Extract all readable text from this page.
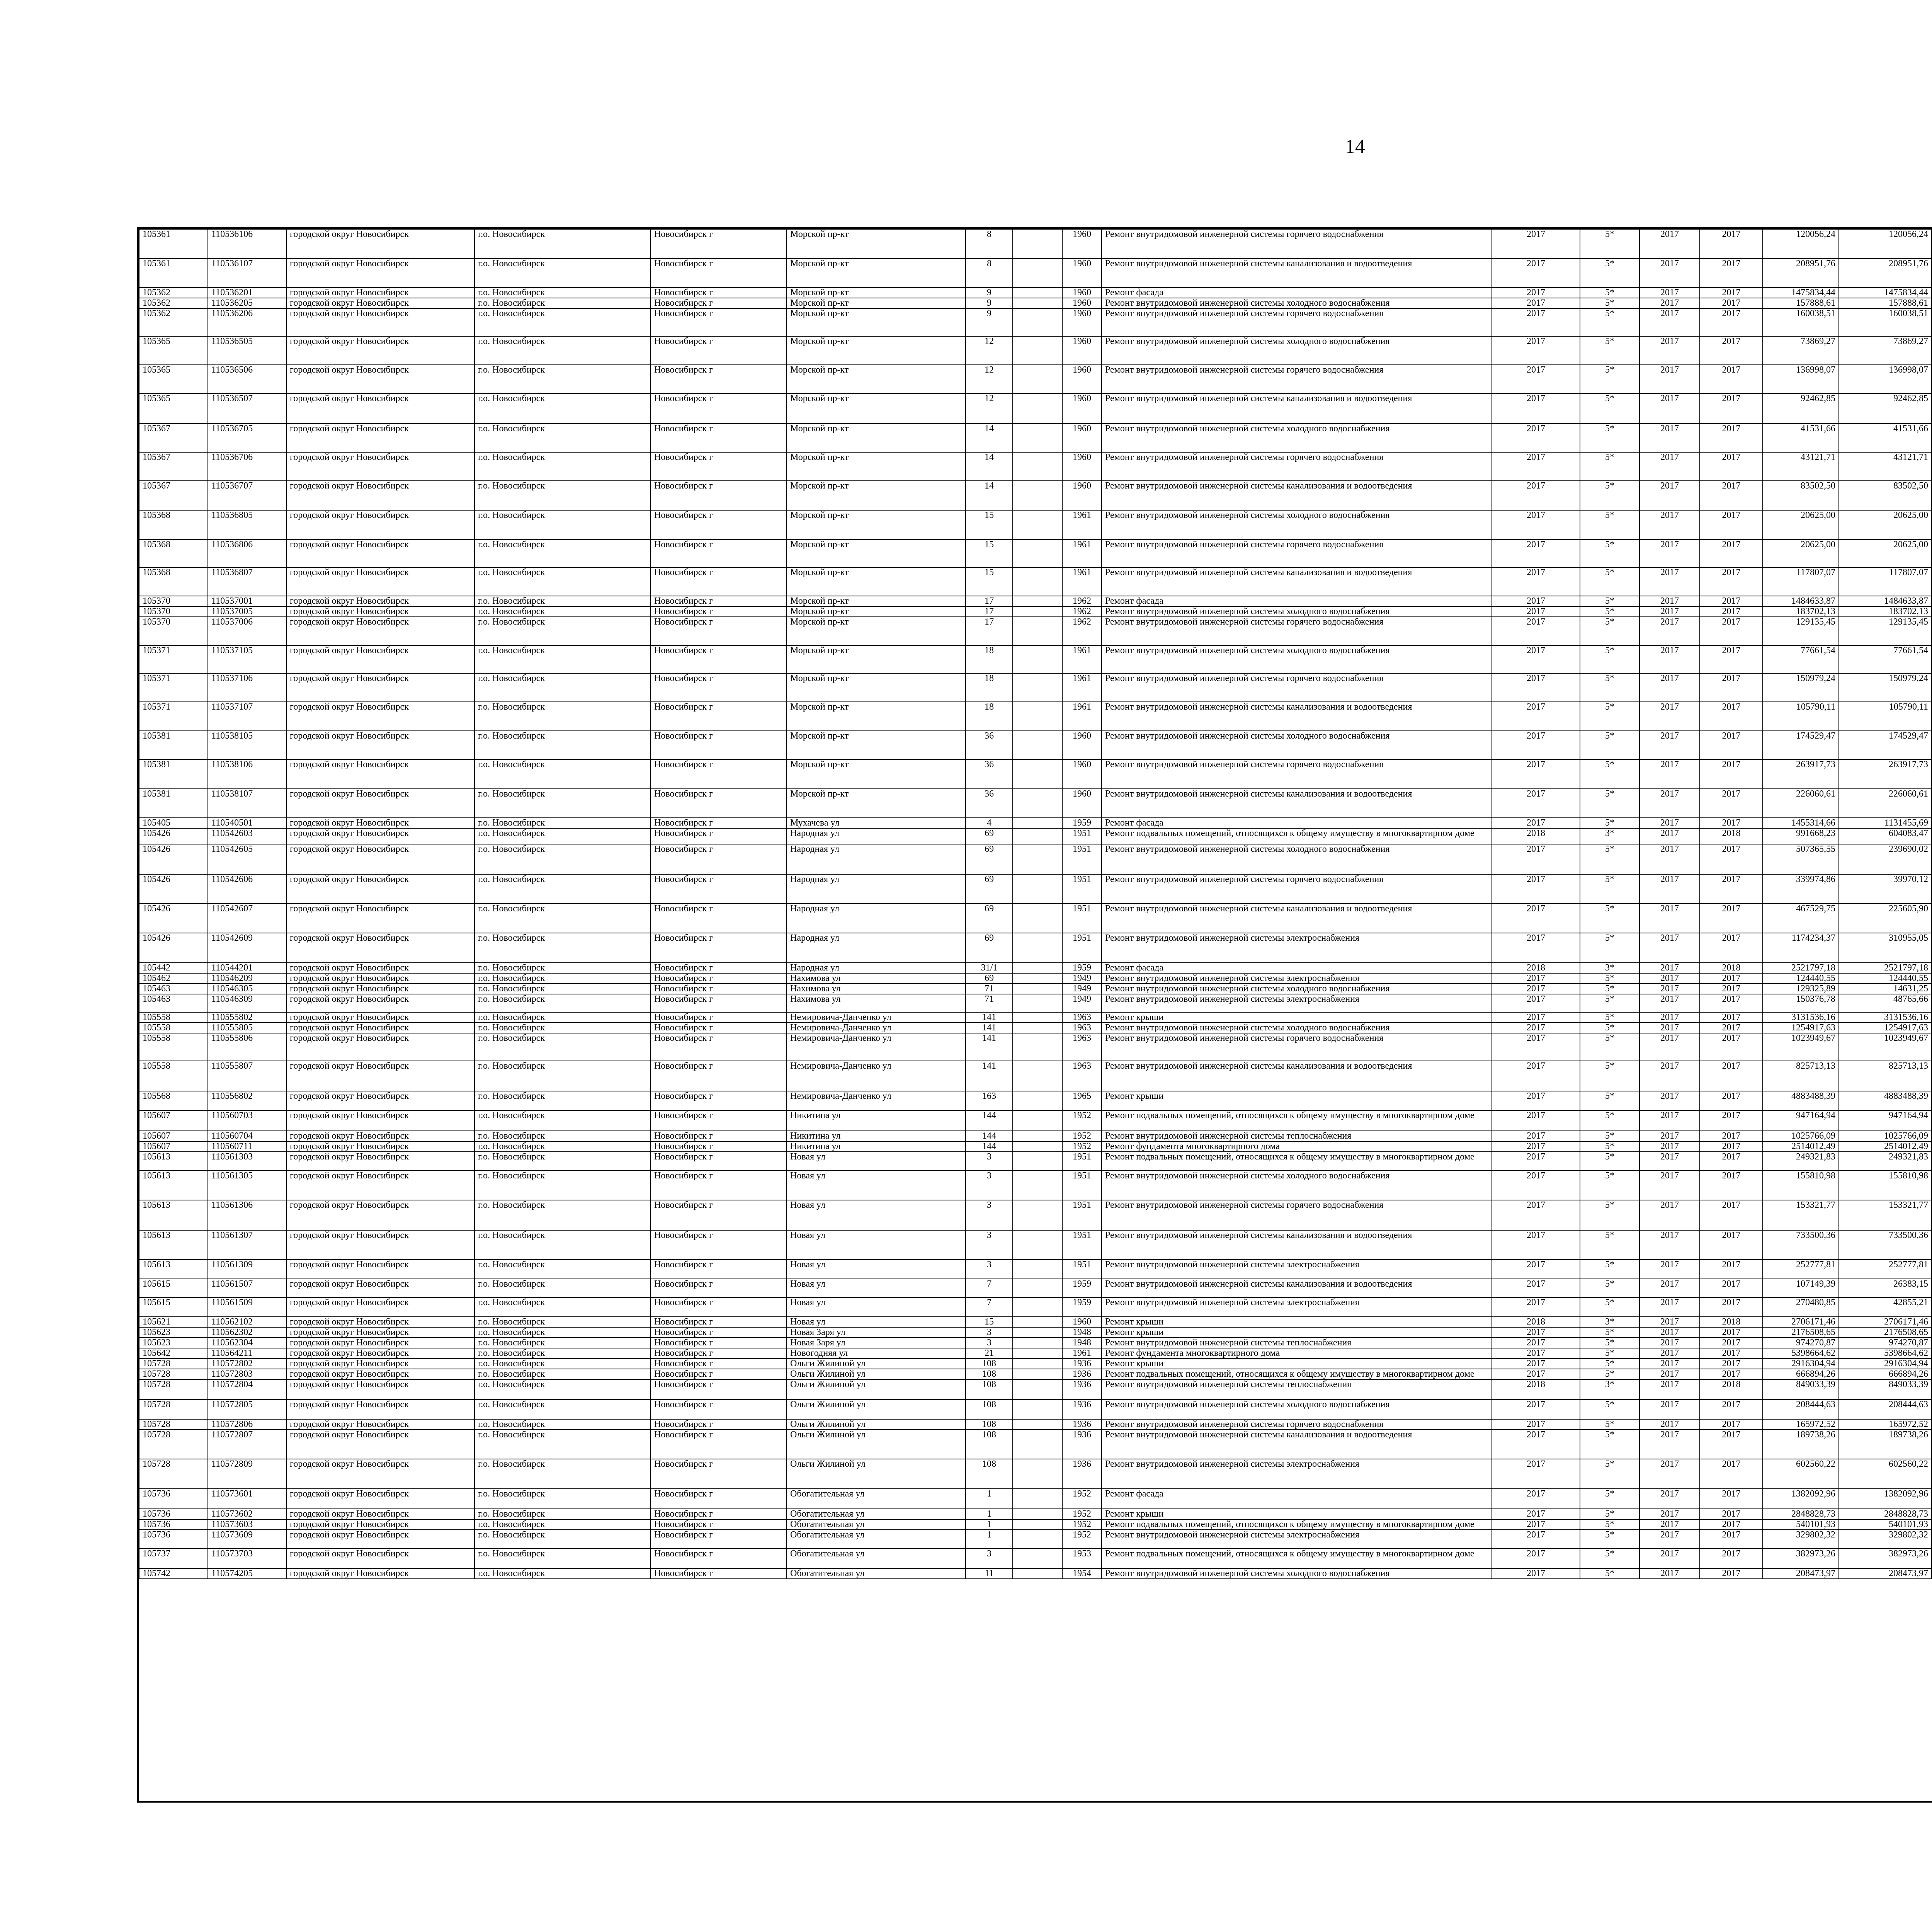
14
105361	110536106	городской округ Новосибирск	г.о. Новосибирск	Новосибирск г	Морской пр-кт	8		1960	Ремонт внутридомовой инженерной системы горячего водоснабжения	2017	5*	2017	2017	120056,24	120056,24							
105361	110536107	городской округ Новосибирск	г.о. Новосибирск	Новосибирск г	Морской пр-кт	8		1960	Ремонт внутридомовой инженерной системы канализования и водоотведения	2017	5*	2017	2017	208951,76	208951,76							
105362	110536201	городской округ Новосибирск	г.о. Новосибирск	Новосибирск г	Морской пр-кт	9		1960	Ремонт фасада	2017	5*	2017	2017	1475834,44	1475834,44							
105362	110536205	городской округ Новосибирск	г.о. Новосибирск	Новосибирск г	Морской пр-кт	9		1960	Ремонт внутридомовой инженерной системы холодного водоснабжения	2017	5*	2017	2017	157888,61	157888,61							
105362	110536206	городской округ Новосибирск	г.о. Новосибирск	Новосибирск г	Морской пр-кт	9		1960	Ремонт внутридомовой инженерной системы горячего водоснабжения	2017	5*	2017	2017	160038,51	160038,51							
105365	110536505	городской округ Новосибирск	г.о. Новосибирск	Новосибирск г	Морской пр-кт	12		1960	Ремонт внутридомовой инженерной системы холодного водоснабжения	2017	5*	2017	2017	73869,27	73869,27							
105365	110536506	городской округ Новосибирск	г.о. Новосибирск	Новосибирск г	Морской пр-кт	12		1960	Ремонт внутридомовой инженерной системы горячего водоснабжения	2017	5*	2017	2017	136998,07	136998,07							
105365	110536507	городской округ Новосибирск	г.о. Новосибирск	Новосибирск г	Морской пр-кт	12		1960	Ремонт внутридомовой инженерной системы канализования и водоотведения	2017	5*	2017	2017	92462,85	92462,85							
105367	110536705	городской округ Новосибирск	г.о. Новосибирск	Новосибирск г	Морской пр-кт	14		1960	Ремонт внутридомовой инженерной системы холодного водоснабжения	2017	5*	2017	2017	41531,66	41531,66							
105367	110536706	городской округ Новосибирск	г.о. Новосибирск	Новосибирск г	Морской пр-кт	14		1960	Ремонт внутридомовой инженерной системы горячего водоснабжения	2017	5*	2017	2017	43121,71	43121,71							
105367	110536707	городской округ Новосибирск	г.о. Новосибирск	Новосибирск г	Морской пр-кт	14		1960	Ремонт внутридомовой инженерной системы канализования и водоотведения	2017	5*	2017	2017	83502,50	83502,50							
105368	110536805	городской округ Новосибирск	г.о. Новосибирск	Новосибирск г	Морской пр-кт	15		1961	Ремонт внутридомовой инженерной системы холодного водоснабжения	2017	5*	2017	2017	20625,00	20625,00							
105368	110536806	городской округ Новосибирск	г.о. Новосибирск	Новосибирск г	Морской пр-кт	15		1961	Ремонт внутридомовой инженерной системы горячего водоснабжения	2017	5*	2017	2017	20625,00	20625,00							
105368	110536807	городской округ Новосибирск	г.о. Новосибирск	Новосибирск г	Морской пр-кт	15		1961	Ремонт внутридомовой инженерной системы канализования и водоотведения	2017	5*	2017	2017	117807,07	117807,07							
105370	110537001	городской округ Новосибирск	г.о. Новосибирск	Новосибирск г	Морской пр-кт	17		1962	Ремонт фасада	2017	5*	2017	2017	1484633,87	1484633,87							
105370	110537005	городской округ Новосибирск	г.о. Новосибирск	Новосибирск г	Морской пр-кт	17		1962	Ремонт внутридомовой инженерной системы холодного водоснабжения	2017	5*	2017	2017	183702,13	183702,13							
105370	110537006	городской округ Новосибирск	г.о. Новосибирск	Новосибирск г	Морской пр-кт	17		1962	Ремонт внутридомовой инженерной системы горячего водоснабжения	2017	5*	2017	2017	129135,45	129135,45							
105371	110537105	городской округ Новосибирск	г.о. Новосибирск	Новосибирск г	Морской пр-кт	18		1961	Ремонт внутридомовой инженерной системы холодного водоснабжения	2017	5*	2017	2017	77661,54	77661,54							
105371	110537106	городской округ Новосибирск	г.о. Новосибирск	Новосибирск г	Морской пр-кт	18		1961	Ремонт внутридомовой инженерной системы горячего водоснабжения	2017	5*	2017	2017	150979,24	150979,24							
105371	110537107	городской округ Новосибирск	г.о. Новосибирск	Новосибирск г	Морской пр-кт	18		1961	Ремонт внутридомовой инженерной системы канализования и водоотведения	2017	5*	2017	2017	105790,11	105790,11							
105381	110538105	городской округ Новосибирск	г.о. Новосибирск	Новосибирск г	Морской пр-кт	36		1960	Ремонт внутридомовой инженерной системы холодного водоснабжения	2017	5*	2017	2017	174529,47	174529,47							
105381	110538106	городской округ Новосибирск	г.о. Новосибирск	Новосибирск г	Морской пр-кт	36		1960	Ремонт внутридомовой инженерной системы горячего водоснабжения	2017	5*	2017	2017	263917,73	263917,73							
105381	110538107	городской округ Новосибирск	г.о. Новосибирск	Новосибирск г	Морской пр-кт	36		1960	Ремонт внутридомовой инженерной системы канализования и водоотведения	2017	5*	2017	2017	226060,61	226060,61							
105405	110540501	городской округ Новосибирск	г.о. Новосибирск	Новосибирск г	Мухачева ул	4		1959	Ремонт фасада	2017	5*	2017	2017	1455314,66	1131455,69							
105426	110542603	городской округ Новосибирск	г.о. Новосибирск	Новосибирск г	Народная ул	69		1951	Ремонт подвальных помещений, относящихся к общему имуществу в многоквартирном доме	2018	3*	2017	2018	991668,23	604083,47							
105426	110542605	городской округ Новосибирск	г.о. Новосибирск	Новосибирск г	Народная ул	69		1951	Ремонт внутридомовой инженерной системы холодного водоснабжения	2017	5*	2017	2017	507365,55	239690,02							
105426	110542606	городской округ Новосибирск	г.о. Новосибирск	Новосибирск г	Народная ул	69		1951	Ремонт внутридомовой инженерной системы горячего водоснабжения	2017	5*	2017	2017	339974,86	39970,12							
105426	110542607	городской округ Новосибирск	г.о. Новосибирск	Новосибирск г	Народная ул	69		1951	Ремонт внутридомовой инженерной системы канализования и водоотведения	2017	5*	2017	2017	467529,75	225605,90							
105426	110542609	городской округ Новосибирск	г.о. Новосибирск	Новосибирск г	Народная ул	69		1951	Ремонт внутридомовой инженерной системы электроснабжения	2017	5*	2017	2017	1174234,37	310955,05							
105442	110544201	городской округ Новосибирск	г.о. Новосибирск	Новосибирск г	Народная ул	31/1		1959	Ремонт фасада	2018	3*	2017	2018	2521797,18	2521797,18							
105462	110546209	городской округ Новосибирск	г.о. Новосибирск	Новосибирск г	Нахимова ул	69		1949	Ремонт внутридомовой инженерной системы электроснабжения	2017	5*	2017	2017	124440,55	124440,55							
105463	110546305	городской округ Новосибирск	г.о. Новосибирск	Новосибирск г	Нахимова ул	71		1949	Ремонт внутридомовой инженерной системы холодного водоснабжения	2017	5*	2017	2017	129325,89	14631,25							
105463	110546309	городской округ Новосибирск	г.о. Новосибирск	Новосибирск г	Нахимова ул	71		1949	Ремонт внутридомовой инженерной системы электроснабжения	2017	5*	2017	2017	150376,78	48765,66							
105558	110555802	городской округ Новосибирск	г.о. Новосибирск	Новосибирск г	Немировича-Данченко ул	141		1963	Ремонт крыши	2017	5*	2017	2017	3131536,16	3131536,16							
105558	110555805	городской округ Новосибирск	г.о. Новосибирск	Новосибирск г	Немировича-Данченко ул	141		1963	Ремонт внутридомовой инженерной системы холодного водоснабжения	2017	5*	2017	2017	1254917,63	1254917,63							
105558	110555806	городской округ Новосибирск	г.о. Новосибирск	Новосибирск г	Немировича-Данченко ул	141		1963	Ремонт внутридомовой инженерной системы горячего водоснабжения	2017	5*	2017	2017	1023949,67	1023949,67							
105558	110555807	городской округ Новосибирск	г.о. Новосибирск	Новосибирск г	Немировича-Данченко ул	141		1963	Ремонт внутридомовой инженерной системы канализования и водоотведения	2017	5*	2017	2017	825713,13	825713,13							
105568	110556802	городской округ Новосибирск	г.о. Новосибирск	Новосибирск г	Немировича-Данченко ул	163		1965	Ремонт крыши	2017	5*	2017	2017	4883488,39	4883488,39							
105607	110560703	городской округ Новосибирск	г.о. Новосибирск	Новосибирск г	Никитина ул	144		1952	Ремонт подвальных помещений, относящихся к общему имуществу в многоквартирном доме	2017	5*	2017	2017	947164,94	947164,94							
105607	110560704	городской округ Новосибирск	г.о. Новосибирск	Новосибирск г	Никитина ул	144		1952	Ремонт внутридомовой инженерной системы теплоснабжения	2017	5*	2017	2017	1025766,09	1025766,09							
105607	110560711	городской округ Новосибирск	г.о. Новосибирск	Новосибирск г	Никитина ул	144		1952	Ремонт фундамента многоквартирного дома	2017	5*	2017	2017	2514012,49	2514012,49							
105613	110561303	городской округ Новосибирск	г.о. Новосибирск	Новосибирск г	Новая ул	3		1951	Ремонт подвальных помещений, относящихся к общему имуществу в многоквартирном доме	2017	5*	2017	2017	249321,83	249321,83							
105613	110561305	городской округ Новосибирск	г.о. Новосибирск	Новосибирск г	Новая ул	3		1951	Ремонт внутридомовой инженерной системы холодного водоснабжения	2017	5*	2017	2017	155810,98	155810,98							
105613	110561306	городской округ Новосибирск	г.о. Новосибирск	Новосибирск г	Новая ул	3		1951	Ремонт внутридомовой инженерной системы горячего водоснабжения	2017	5*	2017	2017	153321,77	153321,77							
105613	110561307	городской округ Новосибирск	г.о. Новосибирск	Новосибирск г	Новая ул	3		1951	Ремонт внутридомовой инженерной системы канализования и водоотведения	2017	5*	2017	2017	733500,36	733500,36							
105613	110561309	городской округ Новосибирск	г.о. Новосибирск	Новосибирск г	Новая ул	3		1951	Ремонт внутридомовой инженерной системы электроснабжения	2017	5*	2017	2017	252777,81	252777,81							
105615	110561507	городской округ Новосибирск	г.о. Новосибирск	Новосибирск г	Новая ул	7		1959	Ремонт внутридомовой инженерной системы канализования и водоотведения	2017	5*	2017	2017	107149,39	26383,15							
105615	110561509	городской округ Новосибирск	г.о. Новосибирск	Новосибирск г	Новая ул	7		1959	Ремонт внутридомовой инженерной системы электроснабжения	2017	5*	2017	2017	270480,85	42855,21							
105621	110562102	городской округ Новосибирск	г.о. Новосибирск	Новосибирск г	Новая ул	15		1960	Ремонт крыши	2018	3*	2017	2018	2706171,46	2706171,46							
105623	110562302	городской округ Новосибирск	г.о. Новосибирск	Новосибирск г	Новая Заря ул	3		1948	Ремонт крыши	2017	5*	2017	2017	2176508,65	2176508,65							
105623	110562304	городской округ Новосибирск	г.о. Новосибирск	Новосибирск г	Новая Заря ул	3		1948	Ремонт внутридомовой инженерной системы теплоснабжения	2017	5*	2017	2017	974270,87	974270,87							
105642	110564211	городской округ Новосибирск	г.о. Новосибирск	Новосибирск г	Новогодняя ул	21		1961	Ремонт фундамента многоквартирного дома	2017	5*	2017	2017	5398664,62	5398664,62							
105728	110572802	городской округ Новосибирск	г.о. Новосибирск	Новосибирск г	Ольги Жилиной ул	108		1936	Ремонт крыши	2017	5*	2017	2017	2916304,94	2916304,94							
105728	110572803	городской округ Новосибирск	г.о. Новосибирск	Новосибирск г	Ольги Жилиной ул	108		1936	Ремонт подвальных помещений, относящихся к общему имуществу в многоквартирном доме	2017	5*	2017	2017	666894,26	666894,26							
105728	110572804	городской округ Новосибирск	г.о. Новосибирск	Новосибирск г	Ольги Жилиной ул	108		1936	Ремонт внутридомовой инженерной системы теплоснабжения	2018	3*	2017	2018	849033,39	849033,39							
105728	110572805	городской округ Новосибирск	г.о. Новосибирск	Новосибирск г	Ольги Жилиной ул	108		1936	Ремонт внутридомовой инженерной системы холодного водоснабжения	2017	5*	2017	2017	208444,63	208444,63							
105728	110572806	городской округ Новосибирск	г.о. Новосибирск	Новосибирск г	Ольги Жилиной ул	108		1936	Ремонт внутридомовой инженерной системы горячего водоснабжения	2017	5*	2017	2017	165972,52	165972,52							
105728	110572807	городской округ Новосибирск	г.о. Новосибирск	Новосибирск г	Ольги Жилиной ул	108		1936	Ремонт внутридомовой инженерной системы канализования и водоотведения	2017	5*	2017	2017	189738,26	189738,26							
105728	110572809	городской округ Новосибирск	г.о. Новосибирск	Новосибирск г	Ольги Жилиной ул	108		1936	Ремонт внутридомовой инженерной системы электроснабжения	2017	5*	2017	2017	602560,22	602560,22							
105736	110573601	городской округ Новосибирск	г.о. Новосибирск	Новосибирск г	Обогатительная ул	1		1952	Ремонт фасада	2017	5*	2017	2017	1382092,96	1382092,96							
105736	110573602	городской округ Новосибирск	г.о. Новосибирск	Новосибирск г	Обогатительная ул	1		1952	Ремонт крыши	2017	5*	2017	2017	2848828,73	2848828,73							
105736	110573603	городской округ Новосибирск	г.о. Новосибирск	Новосибирск г	Обогатительная ул	1		1952	Ремонт подвальных помещений, относящихся к общему имуществу в многоквартирном доме	2017	5*	2017	2017	540101,93	540101,93							
105736	110573609	городской округ Новосибирск	г.о. Новосибирск	Новосибирск г	Обогатительная ул	1		1952	Ремонт внутридомовой инженерной системы электроснабжения	2017	5*	2017	2017	329802,32	329802,32							
105737	110573703	городской округ Новосибирск	г.о. Новосибирск	Новосибирск г	Обогатительная ул	3		1953	Ремонт подвальных помещений, относящихся к общему имуществу в многоквартирном доме	2017	5*	2017	2017	382973,26	382973,26							
105742	110574205	городской округ Новосибирск	г.о. Новосибирск	Новосибирск г	Обогатительная ул	11		1954	Ремонт внутридомовой инженерной системы холодного водоснабжения	2017	5*	2017	2017	208473,97	208473,97							
